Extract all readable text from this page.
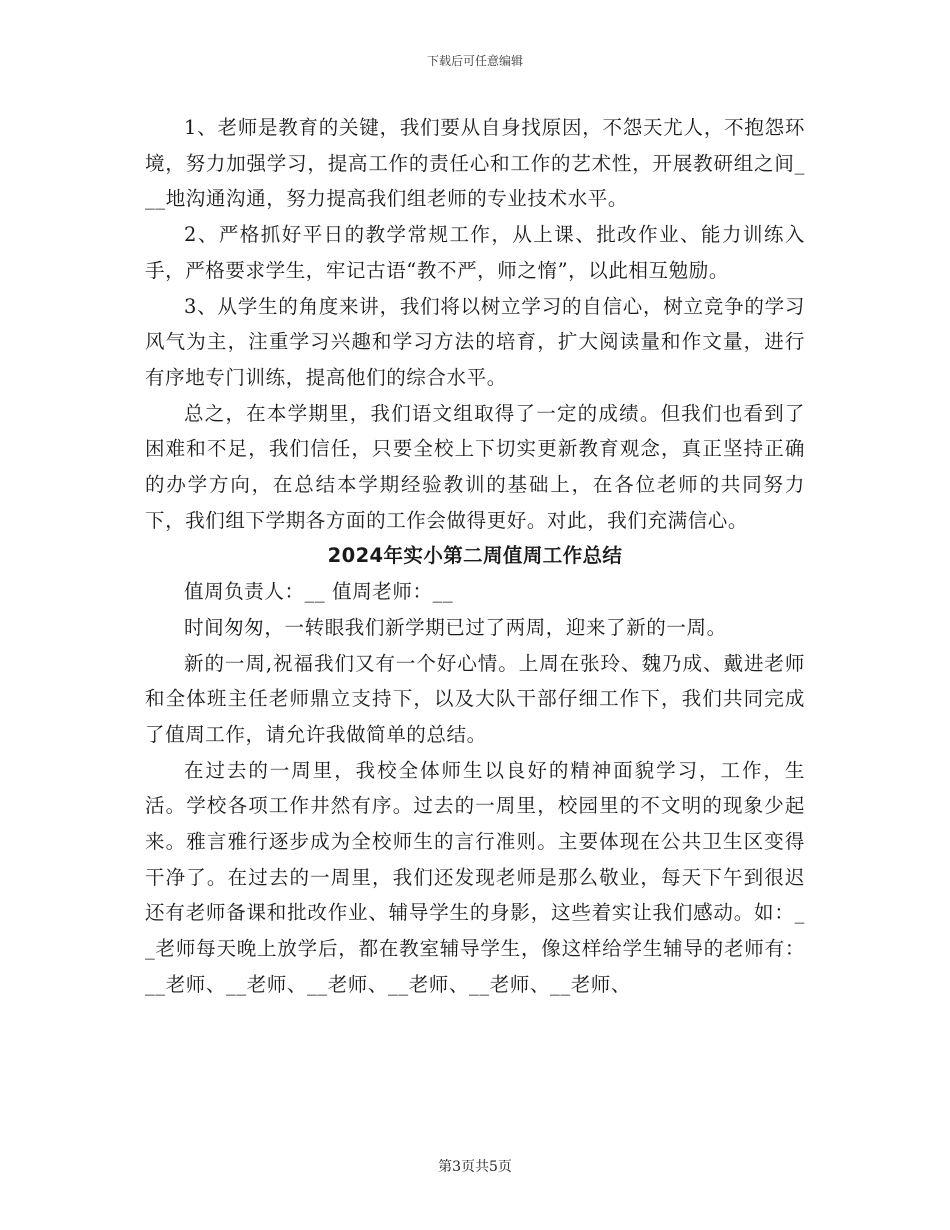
下载后可任意编辑

1、老师是教育的关键，我们要从自身找原因，不怨天尤人，不抱怨环境，努力加强学习，提高工作的责任心和工作的艺术性，开展教研组之间___地沟通沟通，努力提高我们组老师的专业技术水平。

2、严格抓好平日的教学常规工作，从上课、批改作业、能力训练入手，严格要求学生，牢记古语“教不严，师之惰”，以此相互勉励。

3、从学生的角度来讲，我们将以树立学习的自信心，树立竞争的学习风气为主，注重学习兴趣和学习方法的培育，扩大阅读量和作文量，进行有序地专门训练，提高他们的综合水平。

总之，在本学期里，我们语文组取得了一定的成绩。但我们也看到了困难和不足，我们信任，只要全校上下切实更新教育观念，真正坚持正确的办学方向，在总结本学期经验教训的基础上，在各位老师的共同努力下，我们组下学期各方面的工作会做得更好。对此，我们充满信心。

2024年实小第二周值周工作总结

值周负责人：__ 值周老师：__

时间匆匆，一转眼我们新学期已过了两周，迎来了新的一周。

新的一周,祝福我们又有一个好心情。上周在张玲、魏乃成、戴进老师和全体班主任老师鼎立支持下，以及大队干部仔细工作下，我们共同完成了值周工作，请允许我做简单的总结。

在过去的一周里，我校全体师生以良好的精神面貌学习，工作，生活。学校各项工作井然有序。过去的一周里，校园里的不文明的现象少起来。雅言雅行逐步成为全校师生的言行准则。主要体现在公共卫生区变得干净了。在过去的一周里，我们还发现老师是那么敬业，每天下午到很迟还有老师备课和批改作业、辅导学生的身影，这些着实让我们感动。如：__老师每天晚上放学后，都在教室辅导学生，像这样给学生辅导的老师有：__老师、__老师、__老师、__老师、__老师、__老师、

第3页共5页
